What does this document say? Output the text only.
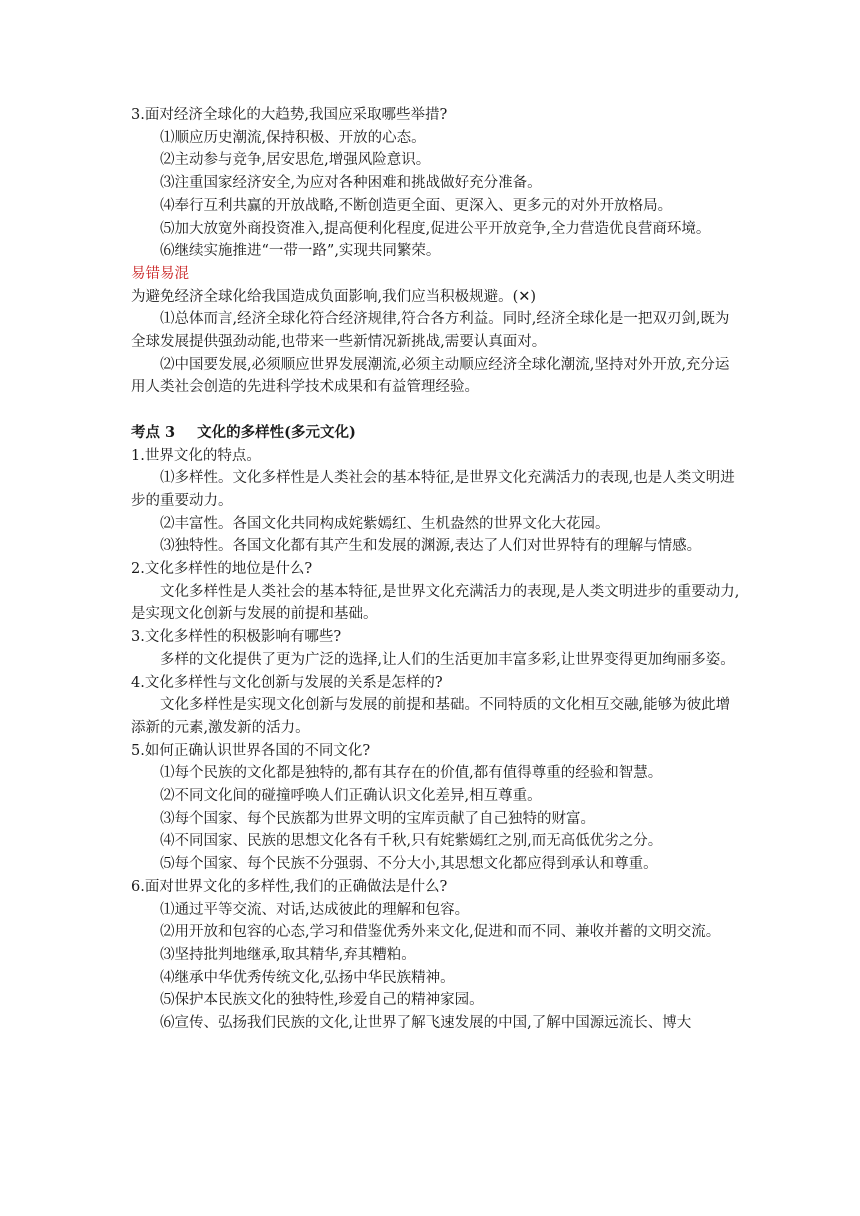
3.面对经济全球化的大趋势,我国应采取哪些举措?

⑴顺应历史潮流,保持积极、开放的心态。

⑵主动参与竞争,居安思危,增强风险意识。

⑶注重国家经济安全,为应对各种困难和挑战做好充分准备。

⑷奉行互利共赢的开放战略,不断创造更全面、更深入、更多元的对外开放格局。

⑸加大放宽外商投资准入,提高便利化程度,促进公平开放竞争,全力营造优良营商环境。

⑹继续实施推进“一带一路”,实现共同繁荣。

易错易混

为避免经济全球化给我国造成负面影响,我们应当积极规避。(✕)

⑴总体而言,经济全球化符合经济规律,符合各方利益。同时,经济全球化是一把双刃剑,既为全球发展提供强劲动能,也带来一些新情况新挑战,需要认真面对。

⑵中国要发展,必须顺应世界发展潮流,必须主动顺应经济全球化潮流,坚持对外开放,充分运用人类社会创造的先进科学技术成果和有益管理经验。

考点 3 文化的多样性(多元文化)

1.世界文化的特点。

⑴多样性。文化多样性是人类社会的基本特征,是世界文化充满活力的表现,也是人类文明进步的重要动力。

⑵丰富性。各国文化共同构成姹紫嫣红、生机盎然的世界文化大花园。

⑶独特性。各国文化都有其产生和发展的渊源,表达了人们对世界特有的理解与情感。

2.文化多样性的地位是什么?

文化多样性是人类社会的基本特征,是世界文化充满活力的表现,是人类文明进步的重要动力,是实现文化创新与发展的前提和基础。

3.文化多样性的积极影响有哪些?

多样的文化提供了更为广泛的选择,让人们的生活更加丰富多彩,让世界变得更加绚丽多姿。

4.文化多样性与文化创新与发展的关系是怎样的?

文化多样性是实现文化创新与发展的前提和基础。不同特质的文化相互交融,能够为彼此增添新的元素,激发新的活力。

5.如何正确认识世界各国的不同文化?

⑴每个民族的文化都是独特的,都有其存在的价值,都有值得尊重的经验和智慧。

⑵不同文化间的碰撞呼唤人们正确认识文化差异,相互尊重。

⑶每个国家、每个民族都为世界文明的宝库贡献了自己独特的财富。

⑷不同国家、民族的思想文化各有千秋,只有姹紫嫣红之别,而无高低优劣之分。

⑸每个国家、每个民族不分强弱、不分大小,其思想文化都应得到承认和尊重。

6.面对世界文化的多样性,我们的正确做法是什么?

⑴通过平等交流、对话,达成彼此的理解和包容。

⑵用开放和包容的心态,学习和借鉴优秀外来文化,促进和而不同、兼收并蓄的文明交流。

⑶坚持批判地继承,取其精华,弃其糟粕。

⑷继承中华优秀传统文化,弘扬中华民族精神。

⑸保护本民族文化的独特性,珍爱自己的精神家园。

⑹宣传、弘扬我们民族的文化,让世界了解飞速发展的中国,了解中国源远流长、博大
